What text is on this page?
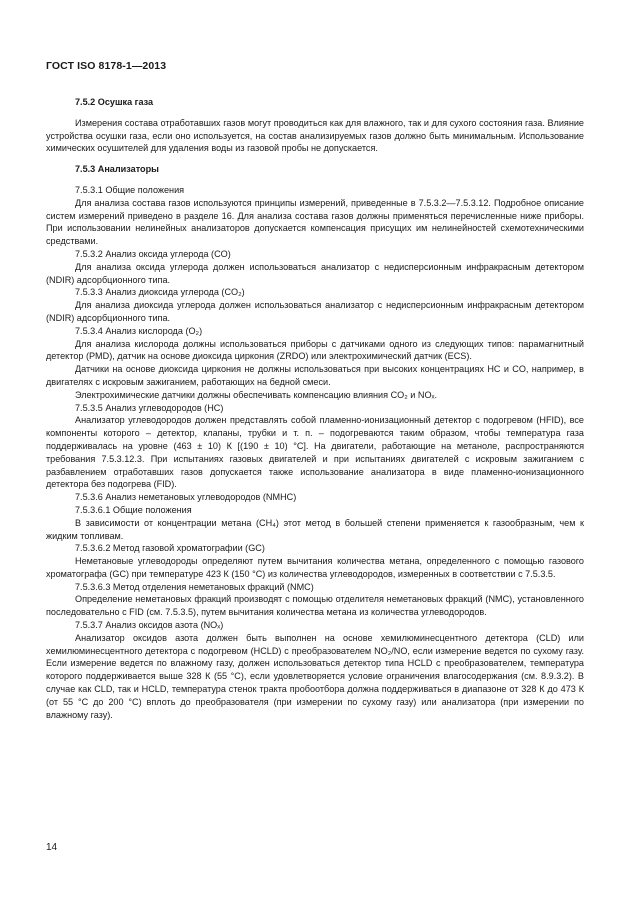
ГОСТ ISO 8178-1—2013

7.5.2 Осушка газа

Измерения состава отработавших газов могут проводиться как для влажного, так и для сухого состояния газа. Влияние устройства осушки газа, если оно используется, на состав анализируемых газов должно быть минимальным. Использование химических осушителей для удаления воды из газовой пробы не допускается.

7.5.3 Анализаторы

7.5.3.1 Общие положения

Для анализа состава газов используются принципы измерений, приведенные в 7.5.3.2—7.5.3.12. Подробное описание систем измерений приведено в разделе 16. Для анализа состава газов должны применяться перечисленные ниже приборы. При использовании нелинейных анализаторов допускается компенсация присущих им нелинейностей схемотехническими средствами.

7.5.3.2 Анализ оксида углерода (CO)

Для анализа оксида углерода должен использоваться анализатор с недисперсионным инфракрасным детектором (NDIR) адсорбционного типа.

7.5.3.3 Анализ диоксида углерода (CO₂)

Для анализа диоксида углерода должен использоваться анализатор с недисперсионным инфракрасным детектором (NDIR) адсорбционного типа.

7.5.3.4 Анализ кислорода (O₂)

Для анализа кислорода должны использоваться приборы с датчиками одного из следующих типов: парамагнитный детектор (PMD), датчик на основе диоксида циркония (ZRDO) или электрохимический датчик (ECS).

Датчики на основе диоксида циркония не должны использоваться при высоких концентрациях HC и CO, например, в двигателях с искровым зажиганием, работающих на бедной смеси.

Электрохимические датчики должны обеспечивать компенсацию влияния CO₂ и NOₓ.

7.5.3.5 Анализ углеводородов (HC)

Анализатор углеводородов должен представлять собой пламенно-ионизационный детектор с подогревом (HFID), все компоненты которого – детектор, клапаны, трубки и т. п. – подогреваются таким образом, чтобы температура газа поддерживалась на уровне (463 ± 10) К [(190 ± 10) °C]. На двигатели, работающие на метаноле, распространяются требования 7.5.3.12.3. При испытаниях газовых двигателей и при испытаниях двигателей с искровым зажиганием с разбавлением отработавших газов допускается также использование анализатора в виде пламенно-ионизационного детектора без подогрева (FID).

7.5.3.6 Анализ неметановых углеводородов (NMHC)

7.5.3.6.1 Общие положения

В зависимости от концентрации метана (CH₄) этот метод в большей степени применяется к газообразным, чем к жидким топливам.

7.5.3.6.2 Метод газовой хроматографии (GC)

Неметановые углеводороды определяют путем вычитания количества метана, определенного с помощью газового хроматографа (GC) при температуре 423 К (150 °C) из количества углеводородов, измеренных в соответствии с 7.5.3.5.

7.5.3.6.3 Метод отделения неметановых фракций (NMC)

Определение неметановых фракций производят с помощью отделителя неметановых фракций (NMC), установленного последовательно с FID (см. 7.5.3.5), путем вычитания количества метана из количества углеводородов.

7.5.3.7 Анализ оксидов азота (NOₓ)

Анализатор оксидов азота должен быть выполнен на основе хемилюминесцентного детектора (CLD) или хемилюминесцентного детектора с подогревом (HCLD) с преобразователем NO₂/NO, если измерение ведется по сухому газу. Если измерение ведется по влажному газу, должен использоваться детектор типа HCLD с преобразователем, температура которого поддерживается выше 328 К (55 °C), если удовлетворяется условие ограничения влагосодержания (см. 8.9.3.2). В случае как CLD, так и HCLD, температура стенок тракта пробоотбора должна поддерживаться в диапазоне от 328 К до 473 К (от 55 °C до 200 °C) вплоть до преобразователя (при измерении по сухому газу) или анализатора (при измерении по влажному газу).

14
